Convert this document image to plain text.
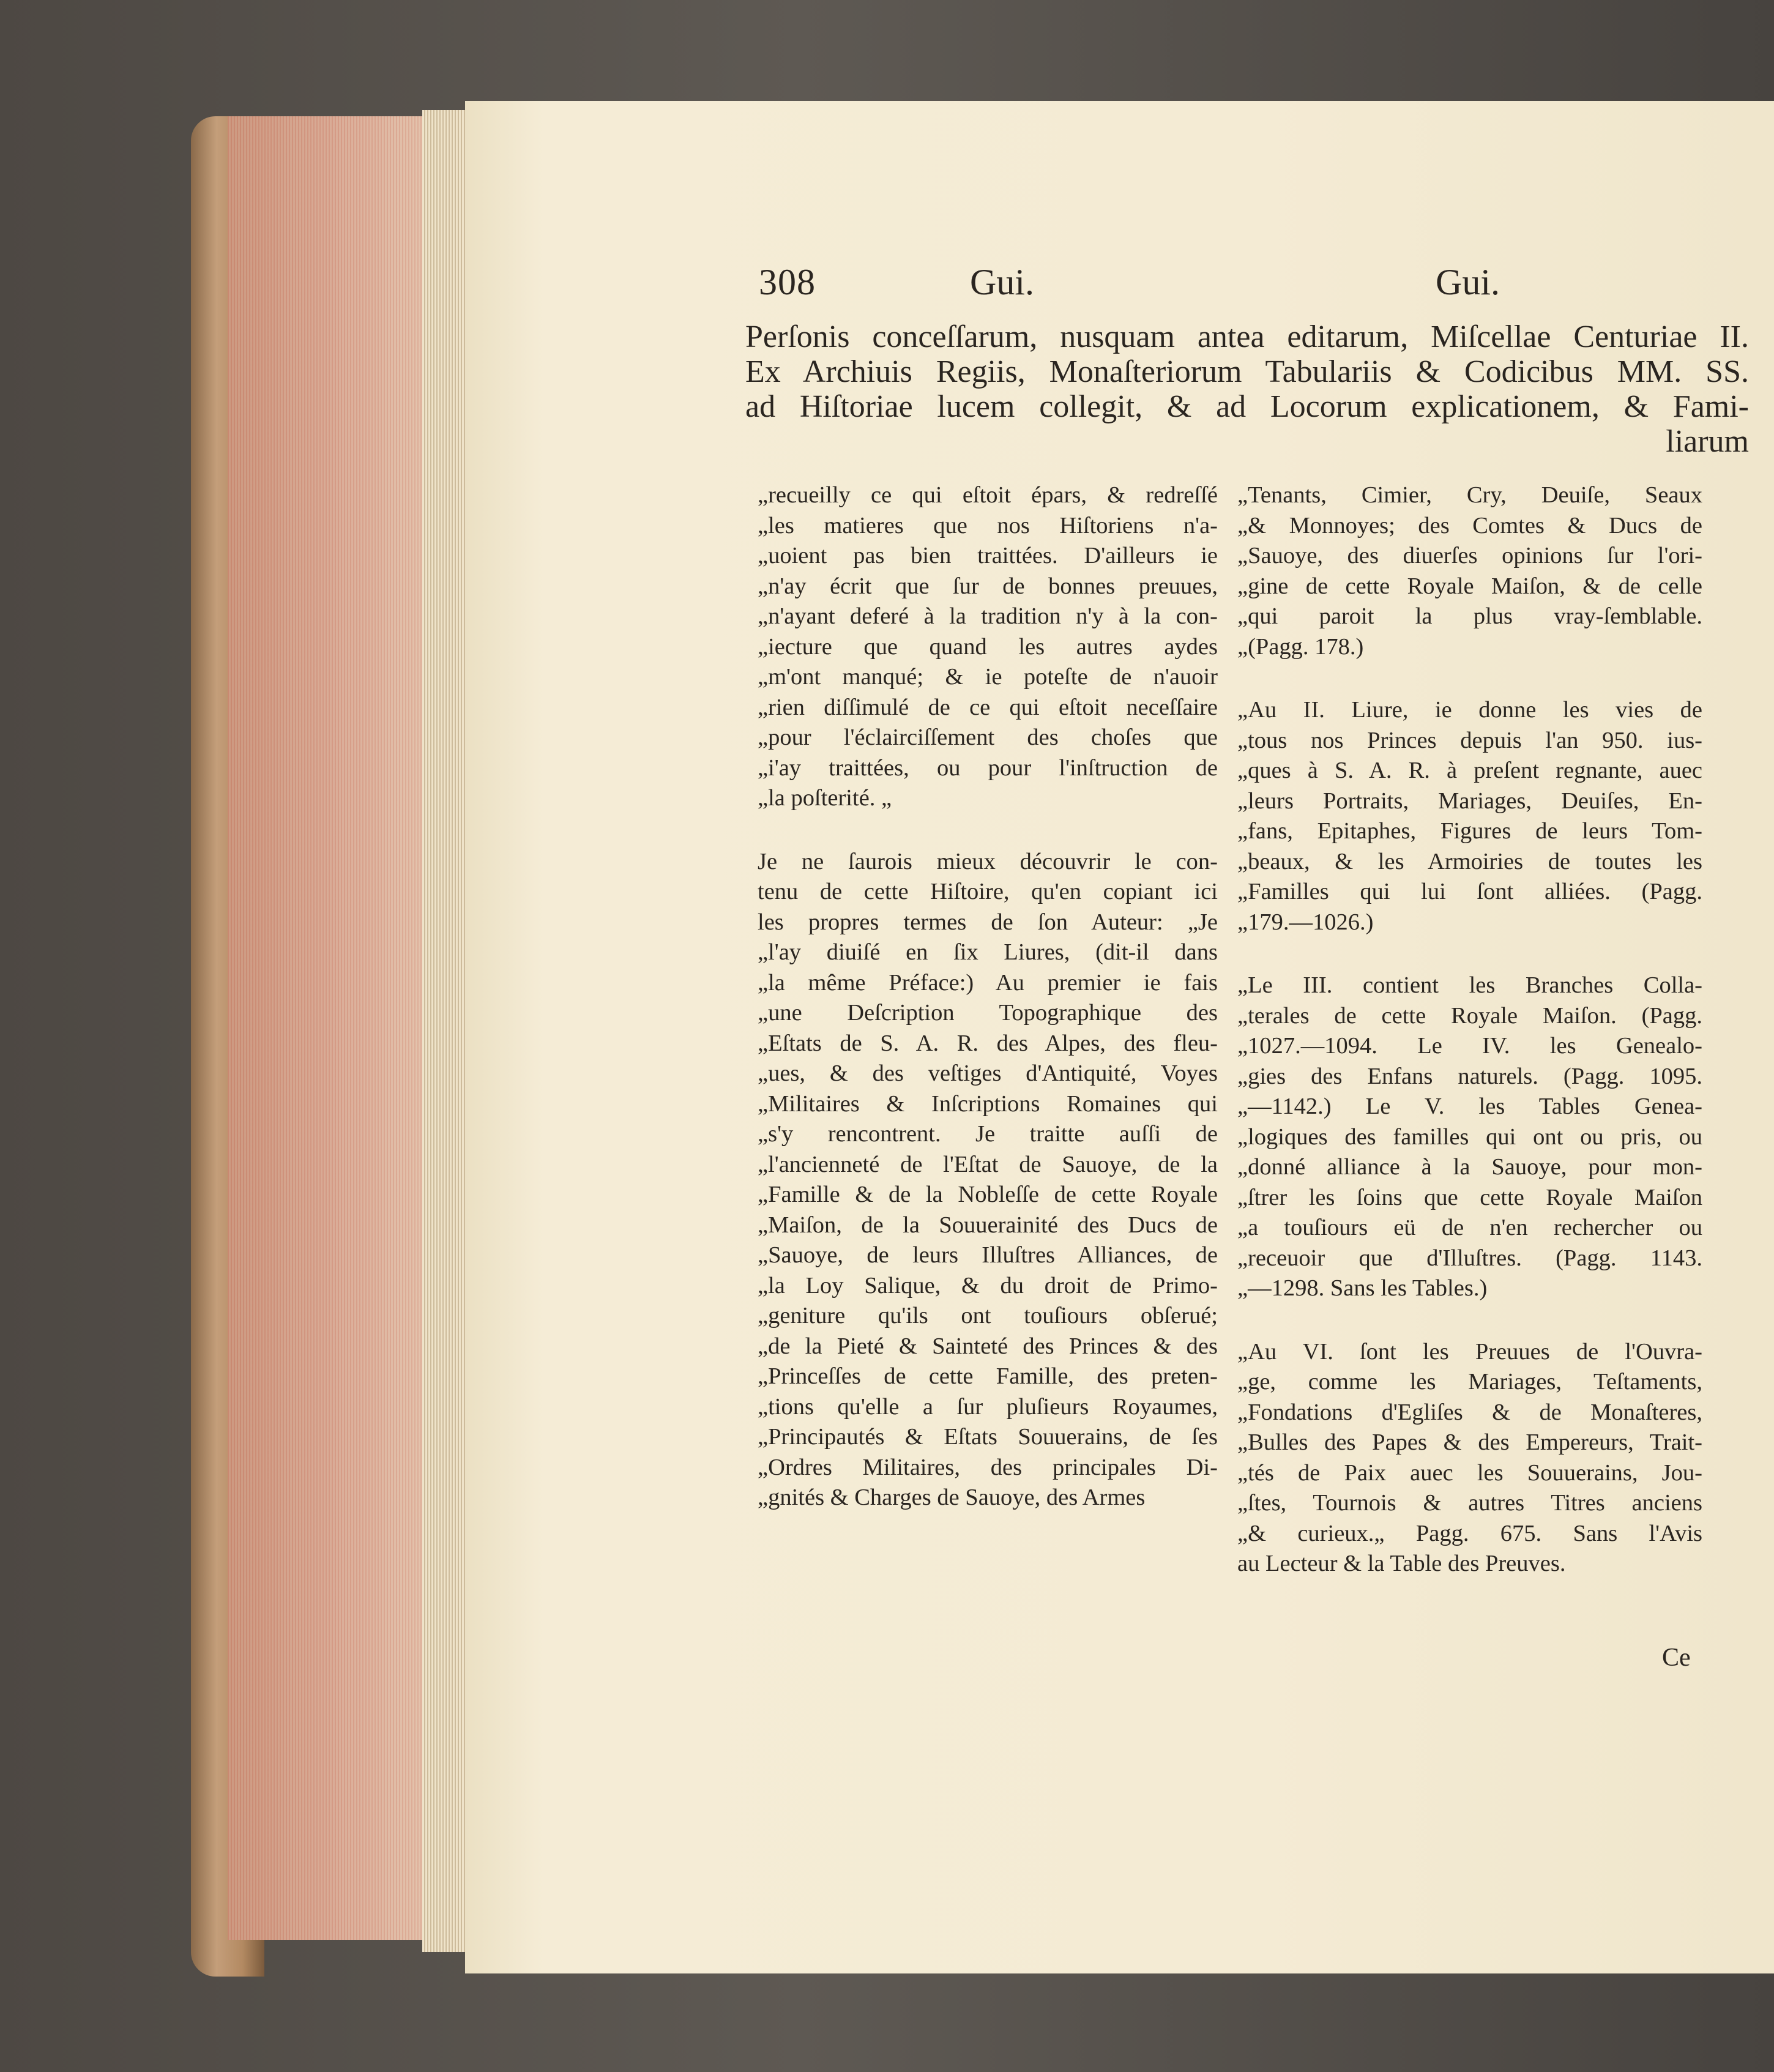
308	Gui.	Gui.
Perſonis conceſſarum, nusquam antea editarum, Miſcellae Centuriae II.
Ex Archiuis Regiis, Monaſteriorum Tabulariis & Codicibus MM. SS.
ad Hiſtoriae lucem collegit, & ad Locorum explicationem, & Fami-
liarum
„recueilly ce qui eſtoit épars, & redreſſé
„les matieres que nos Hiſtoriens n'a-
„uoient pas bien traittées. D'ailleurs ie
„n'ay écrit que ſur de bonnes preuues,
„n'ayant deferé à la tradition n'y à la con-
„iecture que quand les autres aydes
„m'ont manqué; & ie poteſte de n'auoir
„rien diſſimulé de ce qui eſtoit neceſſaire
„pour l'éclairciſſement des choſes que
„i'ay traittées, ou pour l'inſtruction de
„la poſterité. „
Je ne ſaurois mieux découvrir le con-
tenu de cette Hiſtoire, qu'en copiant ici
les propres termes de ſon Auteur: „Je
„l'ay diuiſé en ſix Liures, (dit-il dans
„la même Préface:) Au premier ie fais
„une Deſcription Topographique des
„Eſtats de S. A. R. des Alpes, des fleu-
„ues, & des veſtiges d'Antiquité, Voyes
„Militaires & Inſcriptions Romaines qui
„s'y rencontrent. Je traitte auſſi de
„l'ancienneté de l'Eſtat de Sauoye, de la
„Famille & de la Nobleſſe de cette Royale
„Maiſon, de la Souuerainité des Ducs de
„Sauoye, de leurs Illuſtres Alliances, de
„la Loy Salique, & du droit de Primo-
„geniture qu'ils ont touſiours obſerué;
„de la Pieté & Sainteté des Princes & des
„Princeſſes de cette Famille, des preten-
„tions qu'elle a ſur pluſieurs Royaumes,
„Principautés & Eſtats Souuerains, de ſes
„Ordres Militaires, des principales Di-
„gnités & Charges de Sauoye, des Armes
„Tenants, Cimier, Cry, Deuiſe, Seaux
„& Monnoyes; des Comtes & Ducs de
„Sauoye, des diuerſes opinions ſur l'ori-
„gine de cette Royale Maiſon, & de celle
„qui paroit la plus vray-ſemblable.
„(Pagg. 178.)
„Au II. Liure, ie donne les vies de
„tous nos Princes depuis l'an 950. ius-
„ques à S. A. R. à preſent regnante, auec
„leurs Portraits, Mariages, Deuiſes, En-
„fans, Epitaphes, Figures de leurs Tom-
„beaux, & les Armoiries de toutes les
„Familles qui lui ſont alliées. (Pagg.
„179.—1026.)
„Le III. contient les Branches Colla-
„terales de cette Royale Maiſon. (Pagg.
„1027.—1094. Le IV. les Genealo-
„gies des Enfans naturels. (Pagg. 1095.
„—1142.) Le V. les Tables Genea-
„logiques des familles qui ont ou pris, ou
„donné alliance à la Sauoye, pour mon-
„ſtrer les ſoins que cette Royale Maiſon
„a touſiours eü de n'en rechercher ou
„receuoir que d'Illuſtres. (Pagg. 1143.
„—1298. Sans les Tables.)
„Au VI. ſont les Preuues de l'Ouvra-
„ge, comme les Mariages, Teſtaments,
„Fondations d'Egliſes & de Monaſteres,
„Bulles des Papes & des Empereurs, Trait-
„tés de Paix auec les Souuerains, Jou-
„ſtes, Tournois & autres Titres anciens
„& curieux.„ Pagg. 675. Sans l'Avis
au Lecteur & la Table des Preuves.
Ce
